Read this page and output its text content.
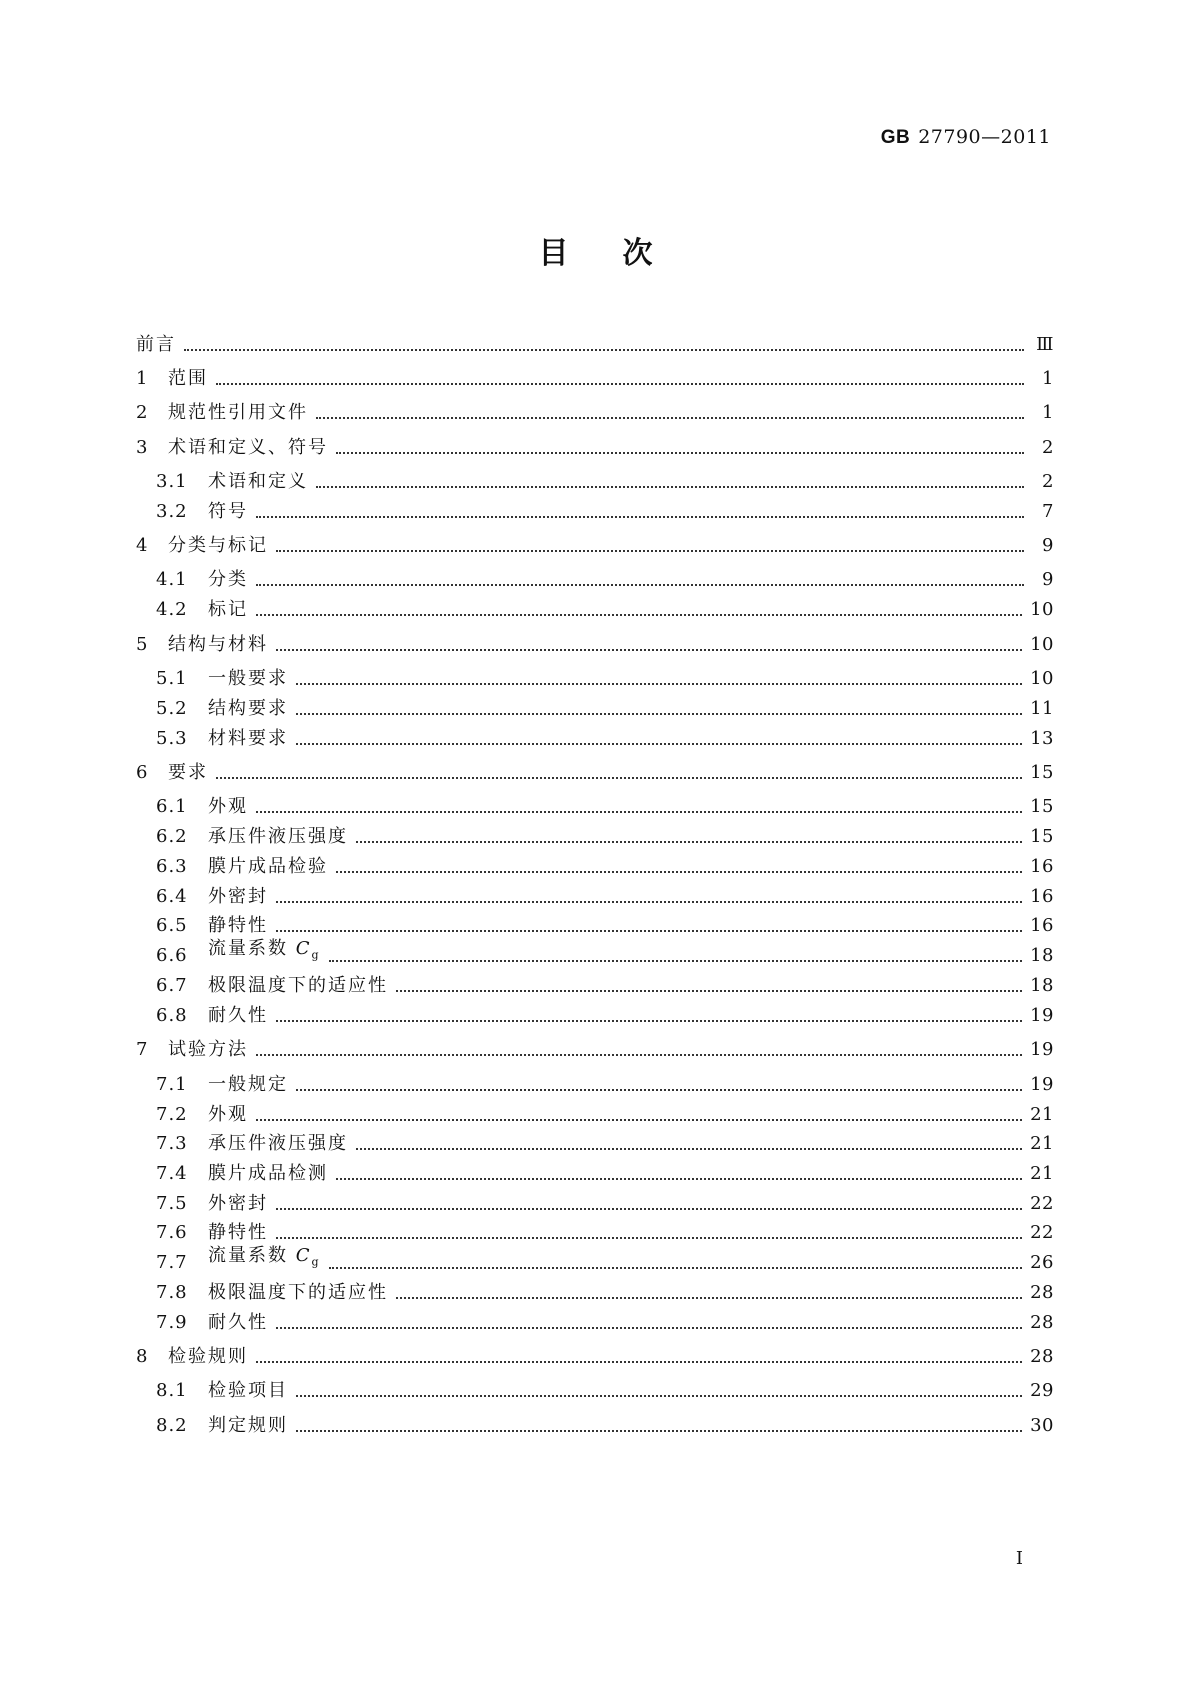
GB 27790—2011
目次
前言	Ⅲ
1	范围	1
2	规范性引用文件	1
3	术语和定义、符号	2
3.1	术语和定义	2
3.2	符号	7
4	分类与标记	9
4.1	分类	9
4.2	标记	10
5	结构与材料	10
5.1	一般要求	10
5.2	结构要求	11
5.3	材料要求	13
6	要求	15
6.1	外观	15
6.2	承压件液压强度	15
6.3	膜片成品检验	16
6.4	外密封	16
6.5	静特性	16
6.6	流量系数 $C_g$	18
6.7	极限温度下的适应性	18
6.8	耐久性	19
7	试验方法	19
7.1	一般规定	19
7.2	外观	21
7.3	承压件液压强度	21
7.4	膜片成品检测	21
7.5	外密封	22
7.6	静特性	22
7.7	流量系数 $C_g$	26
7.8	极限温度下的适应性	28
7.9	耐久性	28
8	检验规则	28
8.1	检验项目	29
8.2	判定规则	30
I
